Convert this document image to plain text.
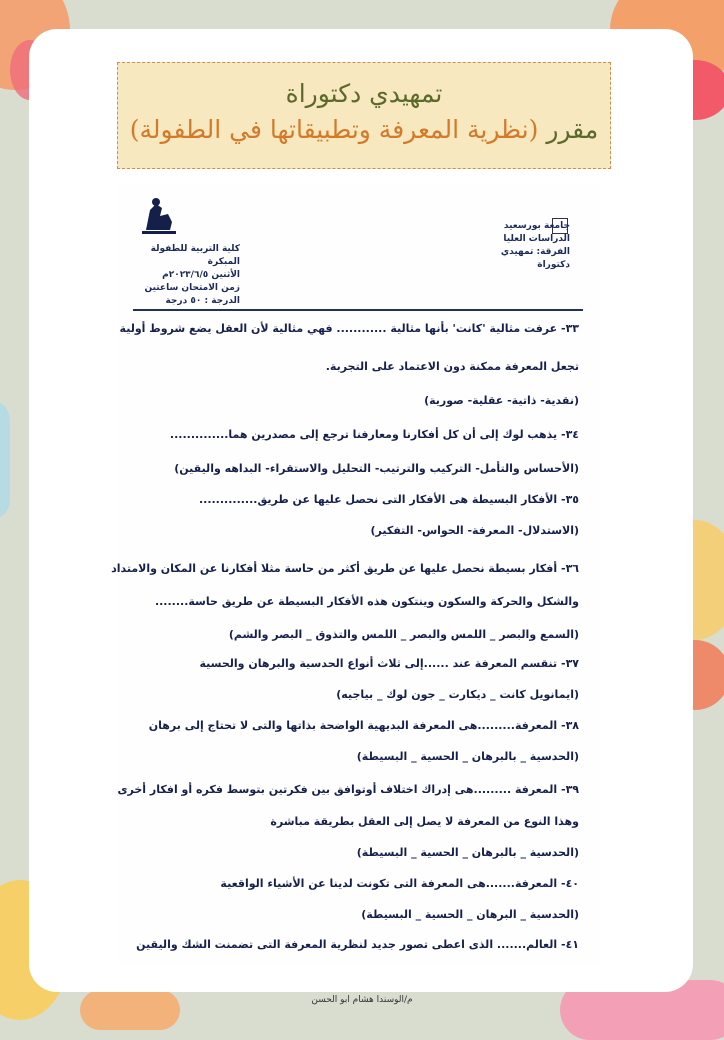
تمهيدي دكتوراة
مقرر (نظرية المعرفة وتطبيقاتها في الطفولة)
كلية التربية للطفولة المبكرة
الأثنين ٢٠٢٣/٦/٥م
زمن الامتحان ساعتين
الدرجة : ٥٠ درجة
جامعة بورسعيد
الدراسات العليا
الفرقة: تمهيدي دكتوراة
٣٣- عرفت مثالية 'كانت' بأنها مثالية ............ فهي مثالية لأن العقل يضع شروط أولية
تجعل المعرفة ممكنة دون الاعتماد على التجربة.
(نقدية- ذاتية- عقلية- صورية)
٣٤- يذهب لوك إلى أن كل أفكارنا ومعارفنا ترجع إلى مصدرين هما..............
(الأحساس والتأمل- التركيب والترتيب- التحليل والاستقراء- البداهه واليقين)
٣٥- الأفكار البسيطة هى الأفكار التى نحصل عليها عن طريق..............
(الاستدلال- المعرفة- الحواس- التفكير)
٣٦- أفكار بسيطة نحصل عليها عن طريق أكثر من حاسة مثلا أفكارنا عن المكان والامتداد
والشكل والحركة والسكون وينتكون هذه الأفكار البسيطة عن طريق حاسة........
(السمع والبصر _ اللمس والبصر _ اللمس والتذوق _ البصر والشم)
٣٧- تنقسم المعرفة عند ......إلى ثلاث أنواع الحدسية والبرهان والحسية
(ايمانويل كانت _ ديكارت _ جون لوك _ بياجيه)
٣٨- المعرفة.........هى المعرفة البديهية الواضحة بذاتها والتى لا تحتاج إلى برهان
(الحدسية _ بالبرهان _ الحسية _ البسيطة)
٣٩- المعرفة .........هى إدراك اختلاف أوتوافق بين فكرتين بتوسط فكره أو افكار أخرى
وهذا النوع من المعرفة لا يصل إلى العقل بطريقة مباشرة
(الحدسية _ بالبرهان _ الحسية _ البسيطة)
٤٠- المعرفة.......هى المعرفة التى تكونت لدينا عن الأشياء الواقعية
(الحدسية _ البرهان _ الحسية _ البسيطة)
٤١- العالم....... الذى اعطى تصور جديد لنظرية المعرفة التى تضمنت الشك واليقين
م/الوسندا هشام ابو الحسن
